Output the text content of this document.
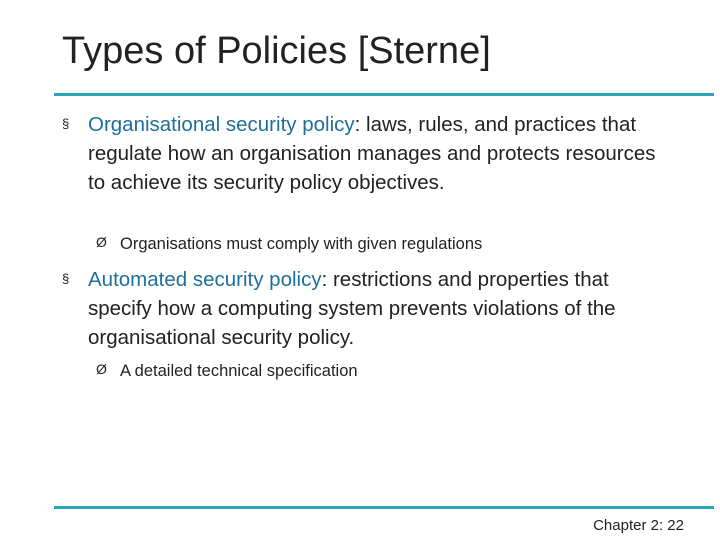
Types of Policies [Sterne]
§ Organisational security policy: laws, rules, and practices that regulate how an organisation manages and protects resources to achieve its security policy objectives.
Ø Organisations must comply with given regulations
§ Automated security policy: restrictions and properties that specify how a computing system prevents violations of the organisational security policy.
Ø A detailed technical specification
Chapter 2: 22
